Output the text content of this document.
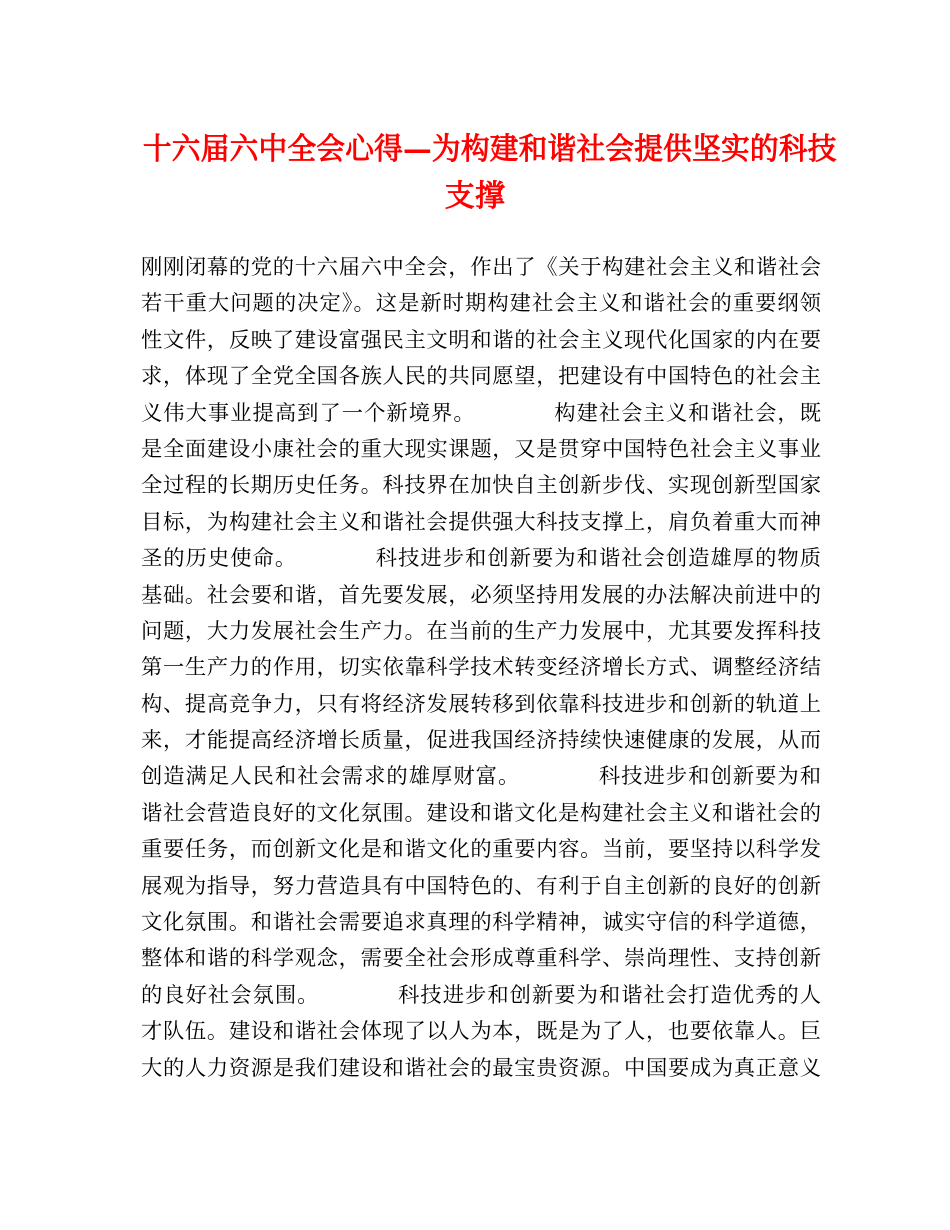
十六届六中全会心得—为构建和谐社会提供坚实的科技
支撑
刚刚闭幕的党的十六届六中全会，作出了《关于构建社会主义和谐社会
若干重大问题的决定》。这是新时期构建社会主义和谐社会的重要纲领
性文件，反映了建设富强民主文明和谐的社会主义现代化国家的内在要
求，体现了全党全国各族人民的共同愿望，把建设有中国特色的社会主
义伟大事业提高到了一个新境界。　　　　构建社会主义和谐社会，既
是全面建设小康社会的重大现实课题，又是贯穿中国特色社会主义事业
全过程的长期历史任务。科技界在加快自主创新步伐、实现创新型国家
目标，为构建社会主义和谐社会提供强大科技支撑上，肩负着重大而神
圣的历史使命。　　　　科技进步和创新要为和谐社会创造雄厚的物质
基础。社会要和谐，首先要发展，必须坚持用发展的办法解决前进中的
问题，大力发展社会生产力。在当前的生产力发展中，尤其要发挥科技
第一生产力的作用，切实依靠科学技术转变经济增长方式、调整经济结
构、提高竞争力，只有将经济发展转移到依靠科技进步和创新的轨道上
来，才能提高经济增长质量，促进我国经济持续快速健康的发展，从而
创造满足人民和社会需求的雄厚财富。　　　　科技进步和创新要为和
谐社会营造良好的文化氛围。建设和谐文化是构建社会主义和谐社会的
重要任务，而创新文化是和谐文化的重要内容。当前，要坚持以科学发
展观为指导，努力营造具有中国特色的、有利于自主创新的良好的创新
文化氛围。和谐社会需要追求真理的科学精神，诚实守信的科学道德，
整体和谐的科学观念，需要全社会形成尊重科学、崇尚理性、支持创新
的良好社会氛围。　　　　科技进步和创新要为和谐社会打造优秀的人
才队伍。建设和谐社会体现了以人为本，既是为了人，也要依靠人。巨
大的人力资源是我们建设和谐社会的最宝贵资源。中国要成为真正意义
